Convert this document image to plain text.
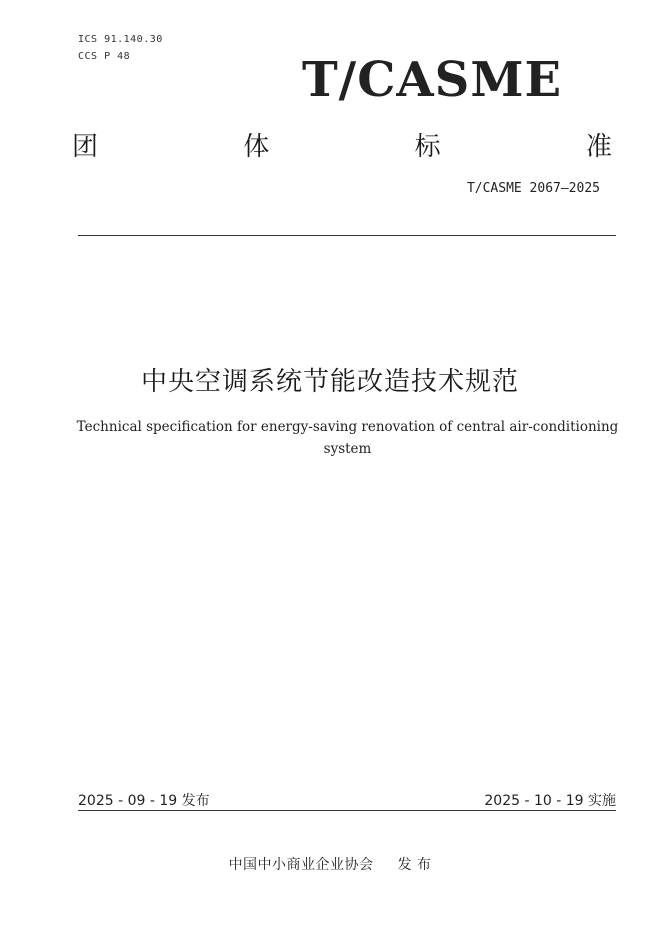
ICS 91.140.30
CCS P 48	T/CASME
团	体	标	准
T/CASME 2067—2025
中央空调系统节能改造技术规范
Technical specification for energy-saving renovation of central air-conditioning
system
2025 - 09 - 19 发布	2025 - 10 - 19 实施
中国中小商业企业协会 发 布
